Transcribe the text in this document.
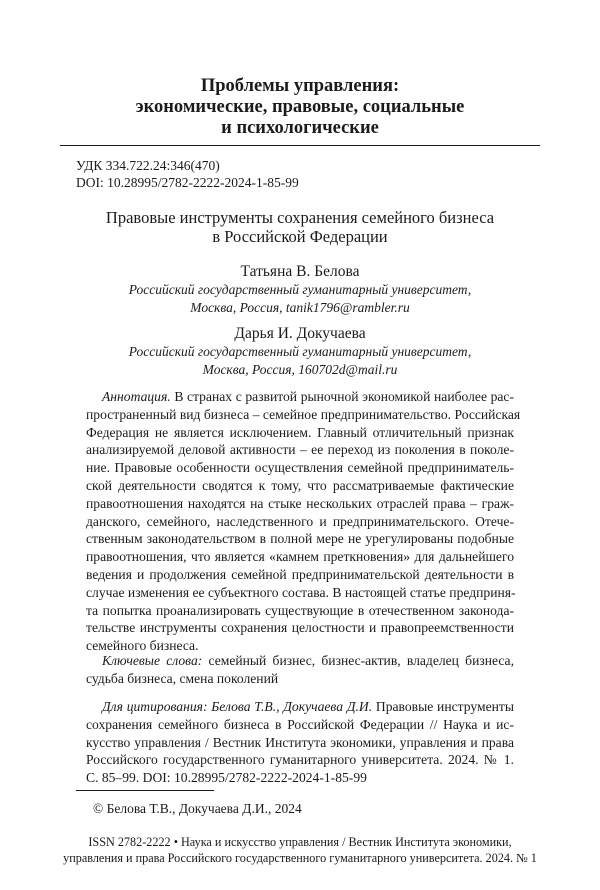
Проблемы управления:
экономические, правовые, социальные
и психологические
УДК 334.722.24:346(470)
DOI: 10.28995/2782-2222-2024-1-85-99
Правовые инструменты сохранения семейного бизнеса
в Российской Федерации
Татьяна В. Белова
Российский государственный гуманитарный университет,
Москва, Россия, tanik1796@rambler.ru
Дарья И. Докучаева
Российский государственный гуманитарный университет,
Москва, Россия, 160702d@mail.ru
Аннотация. В странах с развитой рыночной экономикой наиболее рас-
пространенный вид бизнеса – семейное предпринимательство. Российская
Федерация не является исключением. Главный отличительный признак
анализируемой деловой активности – ее переход из поколения в поколе-
ние. Правовые особенности осуществления семейной предприниматель-
ской деятельности сводятся к тому, что рассматриваемые фактические
правоотношения находятся на стыке нескольких отраслей права – граж-
данского, семейного, наследственного и предпринимательского. Отече-
ственным законодательством в полной мере не урегулированы подобные
правоотношения, что является «камнем преткновения» для дальнейшего
ведения и продолжения семейной предпринимательской деятельности в
случае изменения ее субъектного состава. В настоящей статье предприня-
та попытка проанализировать существующие в отечественном законода-
тельстве инструменты сохранения целостности и правопреемственности
семейного бизнеса.
Ключевые слова: семейный бизнес, бизнес-актив, владелец бизнеса,
судьба бизнеса, смена поколений
Для цитирования: Белова Т.В., Докучаева Д.И. Правовые инструменты
сохранения семейного бизнеса в Российской Федерации // Наука и ис-
кусство управления / Вестник Института экономики, управления и права
Российского государственного гуманитарного университета. 2024. № 1.
С. 85–99. DOI: 10.28995/2782-2222-2024-1-85-99
© Белова Т.В., Докучаева Д.И., 2024
ISSN 2782-2222 • Наука и искусство управления / Вестник Института экономики,
управления и права Российского государственного гуманитарного университета. 2024. № 1
